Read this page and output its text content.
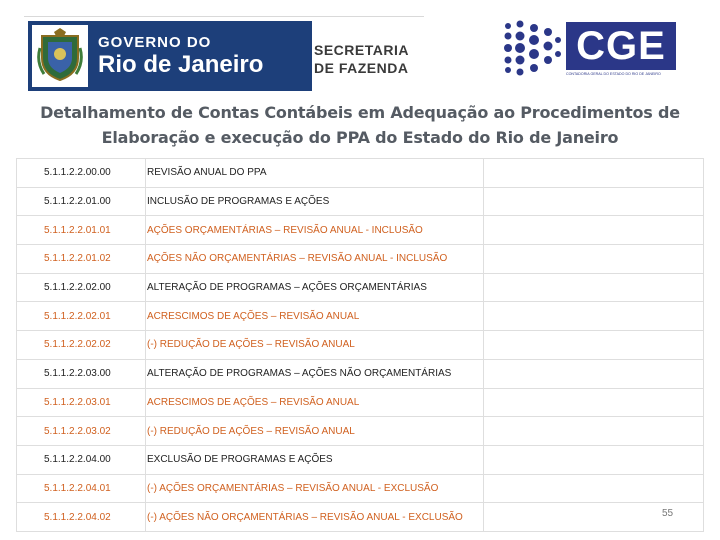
GOVERNO DO
Rio de Janeiro
SECRETARIA
DE FAZENDA
CGE
CONTADORIA GERAL DO ESTADO DO RIO DE JANEIRO
Detalhamento de Contas Contábeis em Adequação ao Procedimentos de
Elaboração e execução do PPA do Estado do Rio de Janeiro
5.1.1.2.2.00.00	REVISÃO ANUAL DO PPA
5.1.1.2.2.01.00	INCLUSÃO DE PROGRAMAS E AÇÕES
5.1.1.2.2.01.01	AÇÕES ORÇAMENTÁRIAS – REVISÃO ANUAL - INCLUSÃO
5.1.1.2.2.01.02	AÇÕES NÃO ORÇAMENTÁRIAS – REVISÃO ANUAL - INCLUSÃO
5.1.1.2.2.02.00	ALTERAÇÃO DE PROGRAMAS – AÇÕES ORÇAMENTÁRIAS
5.1.1.2.2.02.01	ACRESCIMOS DE AÇÕES – REVISÃO ANUAL
5.1.1.2.2.02.02	(-) REDUÇÃO DE AÇÕES – REVISÃO ANUAL
5.1.1.2.2.03.00	ALTERAÇÃO DE PROGRAMAS – AÇÕES NÃO ORÇAMENTÁRIAS
5.1.1.2.2.03.01	ACRESCIMOS DE AÇÕES – REVISÃO ANUAL
5.1.1.2.2.03.02	(-) REDUÇÃO DE AÇÕES – REVISÃO ANUAL
5.1.1.2.2.04.00	EXCLUSÃO DE PROGRAMAS E AÇÕES
5.1.1.2.2.04.01	(-) AÇÕES ORÇAMENTÁRIAS – REVISÃO ANUAL - EXCLUSÃO
5.1.1.2.2.04.02	(-) AÇÕES NÃO ORÇAMENTÁRIAS – REVISÃO ANUAL - EXCLUSÃO	55
